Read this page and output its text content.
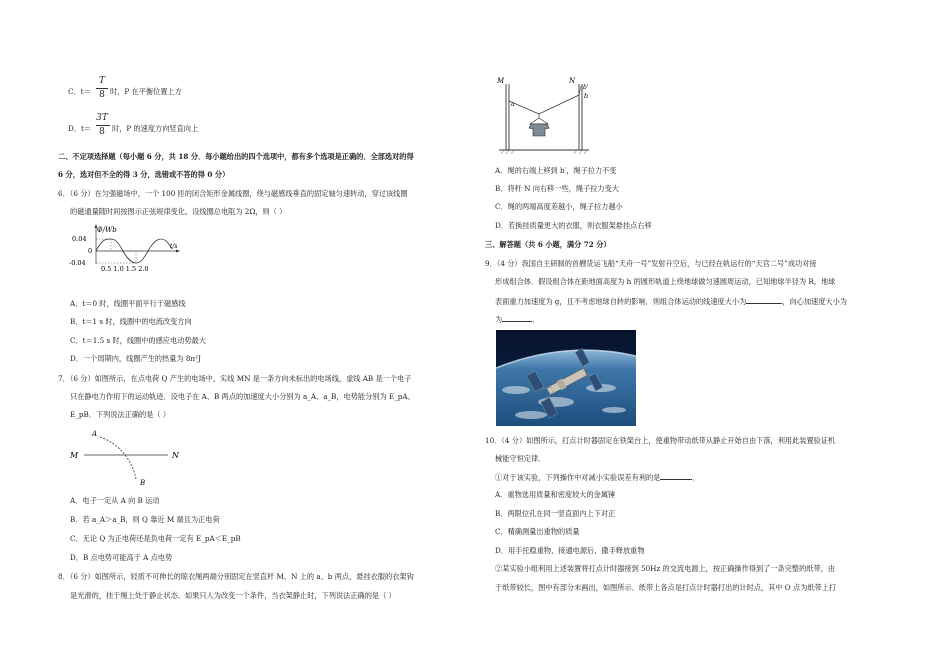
C．t＝
T
8 时，P 在平衡位置上方
D．t＝
3T
8 时，P 的速度方向竖直向上
二、不定项选择题（每小题 6 分，共 18 分．每小题给出的四个选项中，都有多个选项是正确的．全部选对的得
6 分，选对但不全的得 3 分，选错或不答的得 0 分）
6．（6 分）在匀强磁场中，一个 100 匝的闭合矩形金属线圈，绕与磁感线垂直的固定轴匀速转动，穿过该线圈
的磁通量随时间按图示正弦规律变化，设线圈总电阻为 2Ω，则（ ）
Φ/Wb
t/s
0.04
0
-0.04
0.5 1.0 1.5 2.0
A．t＝0 时，线圈平面平行于磁感线
B．t＝1 s 时，线圈中的电流改变方向
C．t＝1.5 s 时，线圈中的感应电动势最大
D．一个周期内，线圈产生的热量为 8π²J
7．（6 分）如图所示，在点电荷 Q 产生的电场中，实线 MN 是一条方向未标出的电场线，虚线 AB 是一个电子
只在静电力作用下的运动轨迹．设电子在 A、B 两点的加速度大小分别为 a_A、a_B，电势能分别为 E_pA、
E_pB．下列说法正确的是（ ）
M	N
A
B
A．电子一定从 A 向 B 运动
B．若 a_A＞a_B，则 Q 靠近 M 端且为正电荷
C．无论 Q 为正电荷还是负电荷一定有 E_pA＜E_pB
D．B 点电势可能高于 A 点电势
8．（6 分）如图所示，轻质不可伸长的晾衣绳两端分别固定在竖直杆 M、N 上的 a、b 两点，悬挂衣服的衣架钩
是光滑的，挂于绳上处于静止状态．如果只人为改变一个条件，当衣架静止时，下列说法正确的是（ ）
M	N
a
b
b'
A．绳的右端上移到 b′，绳子拉力不变
B．将杆 N 向右移一些，绳子拉力变大
C．绳的两端高度差越小，绳子拉力越小
D．若换挂质量更大的衣服，则衣服架悬挂点右移
三、解答题（共 6 小题，满分 72 分）
9．（4 分）我国自主研制的首艘货运飞船“天舟一号”发射升空后，与已经在轨运行的“天宫二号”成功对接
形成组合体．假设组合体在距地面高度为 h 的圆形轨道上绕地球做匀速圆周运动，已知地球半径为 R，地球
表面重力加速度为 g，且不考虑地球自转的影响．则组合体运动的线速度大小为	，向心加速度大小为
为	．
10．（4 分）如图所示，打点计时器固定在铁架台上，使重物带动纸带从静止开始自由下落，利用此装置验证机
械能守恒定律．
①对于该实验，下列操作中对减小实验误差有利的是	．
A．重物选用质量和密度较大的金属锤
B．两限位孔在同一竖直面内上下对正
C．精确测量出重物的质量
D．用手托稳重物，接通电源后，撒手释放重物
②某实验小组利用上述装置将打点计时器接到 50Hz 的交流电源上，按正确操作得到了一条完整的纸带，由
于纸带较长，图中有部分未画出，如图所示．纸带上各点是打点计时器打出的计时点，其中 O 点为纸带上打
